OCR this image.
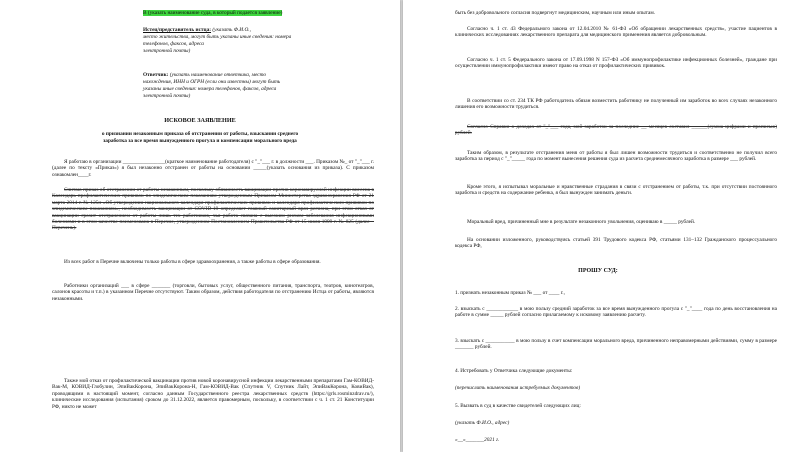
В (указать наименование суда, в который подается заявление)

Истец/представитель истца: (указать Ф.И.О.,

место жительства, могут быть указаны иные сведения: номера

телефонов, факсов, адреса

электронной почты)

Ответчик: (указать наименование ответчика, место

нахождения, ИНН и ОГРН (если они известны) могут быть

указаны иные сведения: номера телефонов, факсов, адреса

электронной почты)

ИСКОВОЕ ЗАЯВЛЕНИЕ

о признании незаконным приказа об отстранении от работы, взыскании среднего

заработка за все время вынужденного прогула и компенсации морального вреда

Я работаю в организации ________________(краткое наименование работодателя) с "_"___ г. в должности ___. Приказом №_ от "_"___ г. (далее по тексту «Приказ») я был незаконно отстранен от работы на основании _____(указать основания из приказа). С приказом ознакомлен____г.

Считаю приказ об отстранении от работы незаконным, поскольку обязанность вакцинации против коронавирусной инфекции внесена в Календарь профилактических прививок по эпидемическим показаниям утвержденным Приказом Министерства здравоохранения РФ от 21 марта 2014 г. № 125н «Об утверждении национального календаря профилактических прививок и календаря профилактических прививок по эпидемическим показаниям», необходимость вакцинации от COVID-19 определяет главный санитарный врач региона, при этом отказ от вакцинации грозит отстранением от работы лишь тех работников, чья работа связана с высоким риском заболевания инфекционными болезнями и в этом качестве поименована в Перечне, утвержденном Постановлением Правительства РФ от 15 июля 1999 г. № 825 (далее – Перечень).

Из всех работ в Перечне включены только работы в сфере здравоохранения, а также работы в сфере образования.

Работники организаций ___ в сфере _______ (торговли, бытовых услуг, общественного питания, транспорта, театров, кинотеатров, салонов красоты и т.п.) в указанном Перечне отсутствуют. Таким образом, действия работодателя по отстранению Истца от работы, являются незаконными.

Также мой отказ от профилактической вакцинации против новой коронавирусной инфекции лекарственными препаратами Гам-КОВИД-Вак-М, КОВИД-Глобулин, ЭпиВакКорона, ЭпиВакКорона-Н, Гам-КОВИД-Вак (Спутник V, Спутник Лайт, ЭпиВакКорона, КовиВак), проводящими в настоящий момент, согласно данным Государственного реестра лекарственных средств (https://grls.rosminzdrav.ru/), клинические исследования (испытания) сроком до 31.12.2022, является правомерным, поскольку, в соответствии с ч. 1 ст. 21 Конституции РФ, никто не может

быть без добровольного согласия подвергнут медицинским, научным или иным опытам.

Согласно ч. 1 ст. 43 Федерального закона от 12.04.2010 № 61-ФЗ «Об обращении лекарственных средств», участие пациентов в клинических исследованиях лекарственного препарата для медицинского применения является добровольным.

Согласно ч. 1 ст. 5 Федерального закона от 17.09.1998 N 157-ФЗ «Об иммунопрофилактике инфекционных болезней», граждане при осуществлении иммунопрофилактики имеют право на отказ от профилактических прививок.

В соответствии со ст. 234 ТК РФ работодатель обязан возместить работнику не полученный им заработок во всех случаях незаконного лишения его возможности трудиться.

Согласно Справки о доходах от "_"___ года, мой заработок за последние __ месяцев составил ______(сумма цифрами и прописью) рублей.

Таким образом, в результате отстранения меня от работы я был лишен возможности трудиться и соответственно не получил всего заработка за период с "_"_____ года по момент вынесения решения суда из расчета среднемесячного заработка в размере ___ рублей.

Кроме этого, я испытывал моральные и нравственные страдания в связи с отстранением от работы, т.к. при отсутствии постоянного заработка и средств на содержание ребенка, я был вынужден занимать деньги.

Моральный вред, причиненный мне в результате незаконного увольнения, оцениваю в _____ рублей.

На основании изложенного, руководствуясь статьей 391 Трудового кодекса РФ, статьями 131–132 Гражданского процессуального кодекса РФ,

ПРОШУ СУД:

1. признать незаконным приказ № ___ от ____ г.,

2. взыскать с ____________ в мою пользу средний заработок за все время вынужденного прогула с "_"____ года по день восстановления на работе в сумме _____ рублей согласно прилагаемому к исковому заявлению расчету.

3. взыскать с ___________ в мою пользу в счет компенсации морального вреда, причиненного неправомерными действиями, сумму в размере _______ рублей.

4. Истребовать у Ответчика следующие документы:

(перечислить наименования истребуемых документов)

5. Вызвать в суд в качестве свидетелей следующих лиц:

(указать Ф.И.О., адрес)

«__»_______2021 г.
